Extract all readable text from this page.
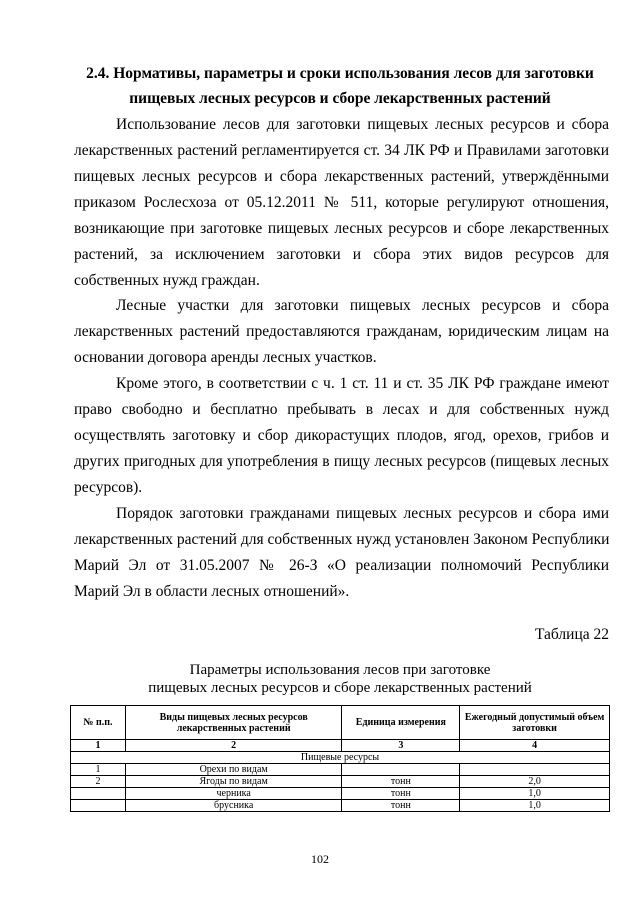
2.4. Нормативы, параметры и сроки использования лесов для заготовки
пищевых лесных ресурсов и сборе лекарственных растений
Использование лесов для заготовки пищевых лесных ресурсов и сбора
лекарственных растений регламентируется ст. 34 ЛК РФ и Правилами заготовки
пищевых лесных ресурсов и сбора лекарственных растений, утверждёнными
приказом Рослесхоза от 05.12.2011 № 511, которые регулируют отношения,
возникающие при заготовке пищевых лесных ресурсов и сборе лекарственных
растений, за исключением заготовки и сбора этих видов ресурсов для
собственных нужд граждан.
Лесные участки для заготовки пищевых лесных ресурсов и сбора
лекарственных растений предоставляются гражданам, юридическим лицам на
основании договора аренды лесных участков.
Кроме этого, в соответствии с ч. 1 ст. 11 и ст. 35 ЛК РФ граждане имеют
право свободно и бесплатно пребывать в лесах и для собственных нужд
осуществлять заготовку и сбор дикорастущих плодов, ягод, орехов, грибов и
других пригодных для употребления в пищу лесных ресурсов (пищевых лесных
ресурсов).
Порядок заготовки гражданами пищевых лесных ресурсов и сбора ими
лекарственных растений для собственных нужд установлен Законом Республики
Марий Эл от 31.05.2007 № 26-З «О реализации полномочий Республики
Марий Эл в области лесных отношений».
Таблица 22
Параметры использования лесов при заготовке
пищевых лесных ресурсов и сборе лекарственных растений
№ п.п.	Виды пищевых лесных ресурсов лекарственных растений	Единица измерения	Ежегодный допустимый объем заготовки
1	2	3	4
Пищевые ресурсы			
1	Орехи по видам		
2	Ягоды по видам	тонн	2,0
	черника	тонн	1,0
	брусника	тонн	1,0
102
